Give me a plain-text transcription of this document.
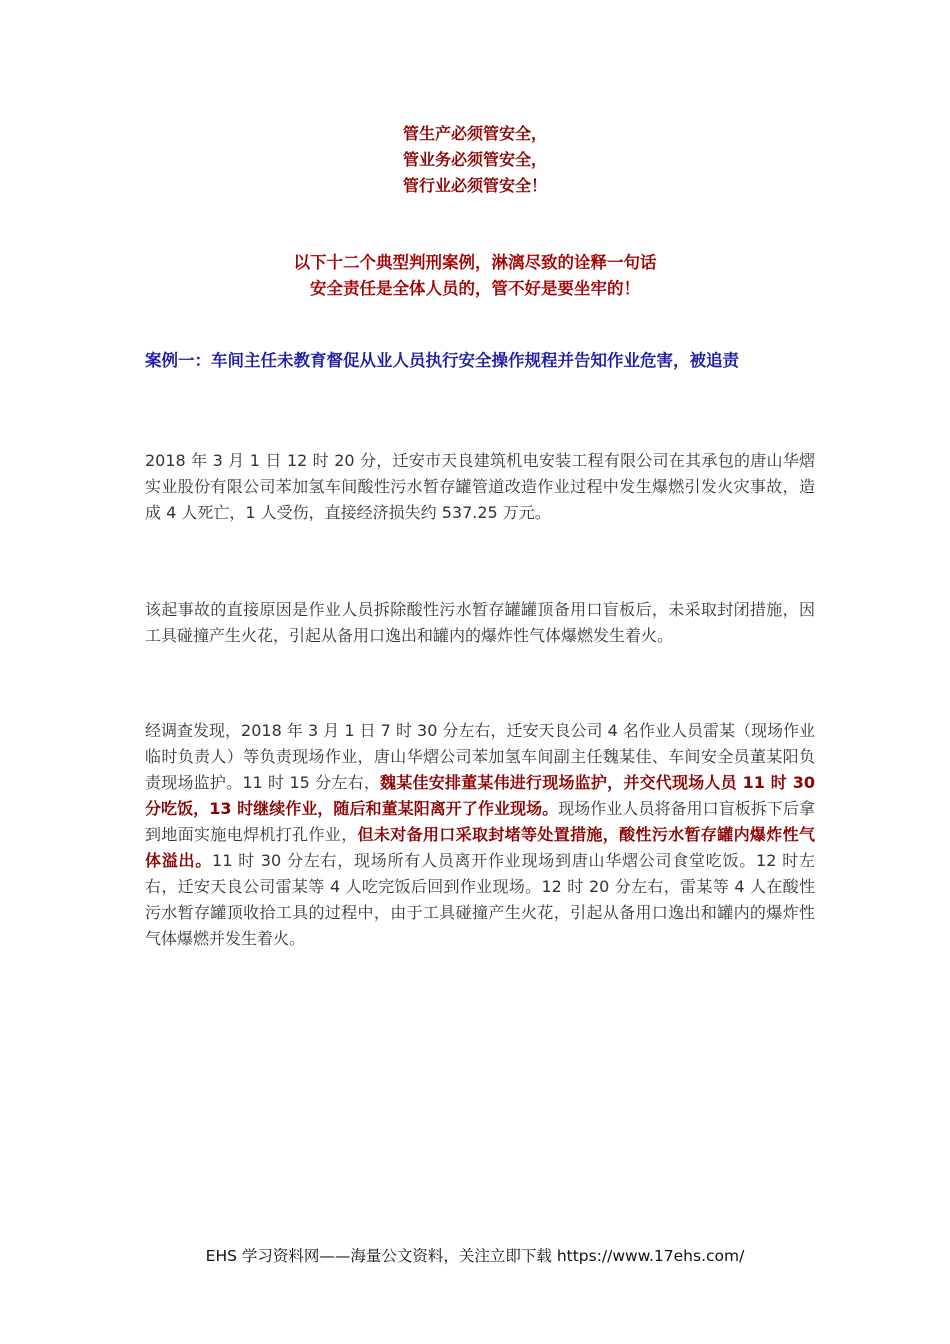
管生产必须管安全，
管业务必须管安全，
管行业必须管安全！
以下十二个典型判刑案例，淋漓尽致的诠释一句话
安全责任是全体人员的，管不好是要坐牢的！
案例一：车间主任未教育督促从业人员执行安全操作规程并告知作业危害，被追责

2018 年 3 月 1 日 12 时 20 分，迁安市天良建筑机电安装工程有限公司在其承包的唐山华熠实业股份有限公司苯加氢车间酸性污水暂存罐管道改造作业过程中发生爆燃引发火灾事故，造成 4 人死亡，1 人受伤，直接经济损失约 537.25 万元。

该起事故的直接原因是作业人员拆除酸性污水暂存罐罐顶备用口盲板后，未采取封闭措施，因工具碰撞产生火花，引起从备用口逸出和罐内的爆炸性气体爆燃发生着火。

经调查发现，2018 年 3 月 1 日 7 时 30 分左右，迁安天良公司 4 名作业人员雷某（现场作业临时负责人）等负责现场作业，唐山华熠公司苯加氢车间副主任魏某佳、车间安全员董某阳负责现场监护。11 时 15 分左右，魏某佳安排董某伟进行现场监护，并交代现场人员 11 时 30 分吃饭，13 时继续作业，随后和董某阳离开了作业现场。现场作业人员将备用口盲板拆下后拿到地面实施电焊机打孔作业，但未对备用口采取封堵等处置措施，酸性污水暂存罐内爆炸性气体溢出。11 时 30 分左右，现场所有人员离开作业现场到唐山华熠公司食堂吃饭。12 时左右，迁安天良公司雷某等 4 人吃完饭后回到作业现场。12 时 20 分左右，雷某等 4 人在酸性污水暂存罐顶收拾工具的过程中，由于工具碰撞产生火花，引起从备用口逸出和罐内的爆炸性气体爆燃并发生着火。

EHS 学习资料网——海量公文资料，关注立即下载 https://www.17ehs.com/
